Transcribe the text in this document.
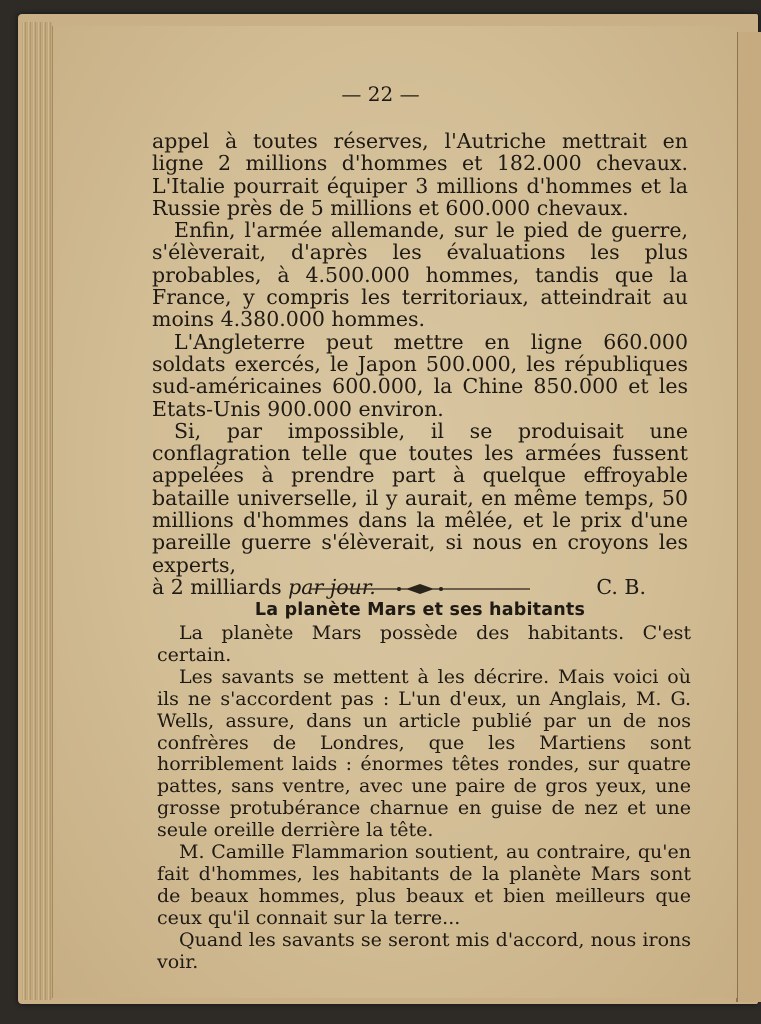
— 22 —

appel à toutes réserves, l'Autriche mettrait en ligne 2 millions d'hommes et 182.000 chevaux. L'Italie pourrait équiper 3 millions d'hommes et la Russie près de 5 millions et 600.000 chevaux.

Enfin, l'armée allemande, sur le pied de guerre, s'élèverait, d'après les évaluations les plus probables, à 4.500.000 hommes, tandis que la France, y compris les territoriaux, atteindrait au moins 4.380.000 hommes.

L'Angleterre peut mettre en ligne 660.000 soldats exercés, le Japon 500.000, les républiques sud-américaines 600.000, la Chine 850.000 et les Etats-Unis 900.000 environ.

Si, par impossible, il se produisait une conflagration telle que toutes les armées fussent appelées à prendre part à quelque effroyable bataille universelle, il y aurait, en même temps, 50 millions d'hommes dans la mêlée, et le prix d'une pareille guerre s'élèverait, si nous en croyons les experts,

à 2 milliards par jour.	C. B.

La planète Mars et ses habitants

La planète Mars possède des habitants. C'est certain.

Les savants se mettent à les décrire. Mais voici où ils ne s'accordent pas : L'un d'eux, un Anglais, M. G. Wells, assure, dans un article publié par un de nos confrères de Londres, que les Martiens sont horriblement laids : énormes têtes rondes, sur quatre pattes, sans ventre, avec une paire de gros yeux, une grosse protubérance charnue en guise de nez et une seule oreille derrière la tête.

M. Camille Flammarion soutient, au contraire, qu'en fait d'hommes, les habitants de la planète Mars sont de beaux hommes, plus beaux et bien meilleurs que ceux qu'il connait sur la terre...

Quand les savants se seront mis d'accord, nous irons voir.
